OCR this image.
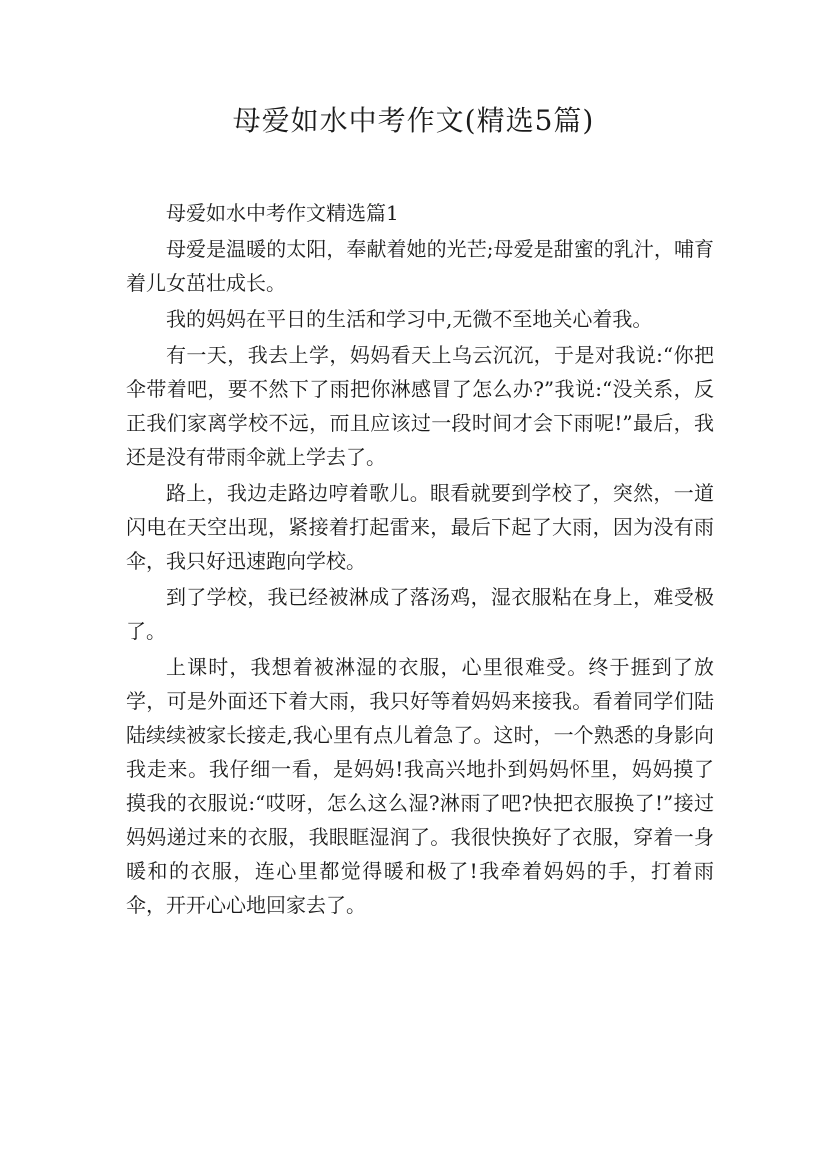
母爱如水中考作文(精选5篇)

母爱如水中考作文精选篇1

母爱是温暖的太阳，奉献着她的光芒;母爱是甜蜜的乳汁，哺育着儿女茁壮成长。

我的妈妈在平日的生活和学习中,无微不至地关心着我。

有一天，我去上学，妈妈看天上乌云沉沉，于是对我说:“你把伞带着吧，要不然下了雨把你淋感冒了怎么办?”我说:“没关系，反正我们家离学校不远，而且应该过一段时间才会下雨呢!”最后，我还是没有带雨伞就上学去了。

路上，我边走路边哼着歌儿。眼看就要到学校了，突然，一道闪电在天空出现，紧接着打起雷来，最后下起了大雨，因为没有雨伞，我只好迅速跑向学校。

到了学校，我已经被淋成了落汤鸡，湿衣服粘在身上，难受极了。

上课时，我想着被淋湿的衣服，心里很难受。终于捱到了放学，可是外面还下着大雨，我只好等着妈妈来接我。看着同学们陆陆续续被家长接走,我心里有点儿着急了。这时，一个熟悉的身影向我走来。我仔细一看，是妈妈!我高兴地扑到妈妈怀里，妈妈摸了摸我的衣服说:“哎呀，怎么这么湿?淋雨了吧?快把衣服换了!”接过妈妈递过来的衣服，我眼眶湿润了。我很快换好了衣服，穿着一身暖和的衣服，连心里都觉得暖和极了!我牵着妈妈的手，打着雨伞，开开心心地回家去了。
